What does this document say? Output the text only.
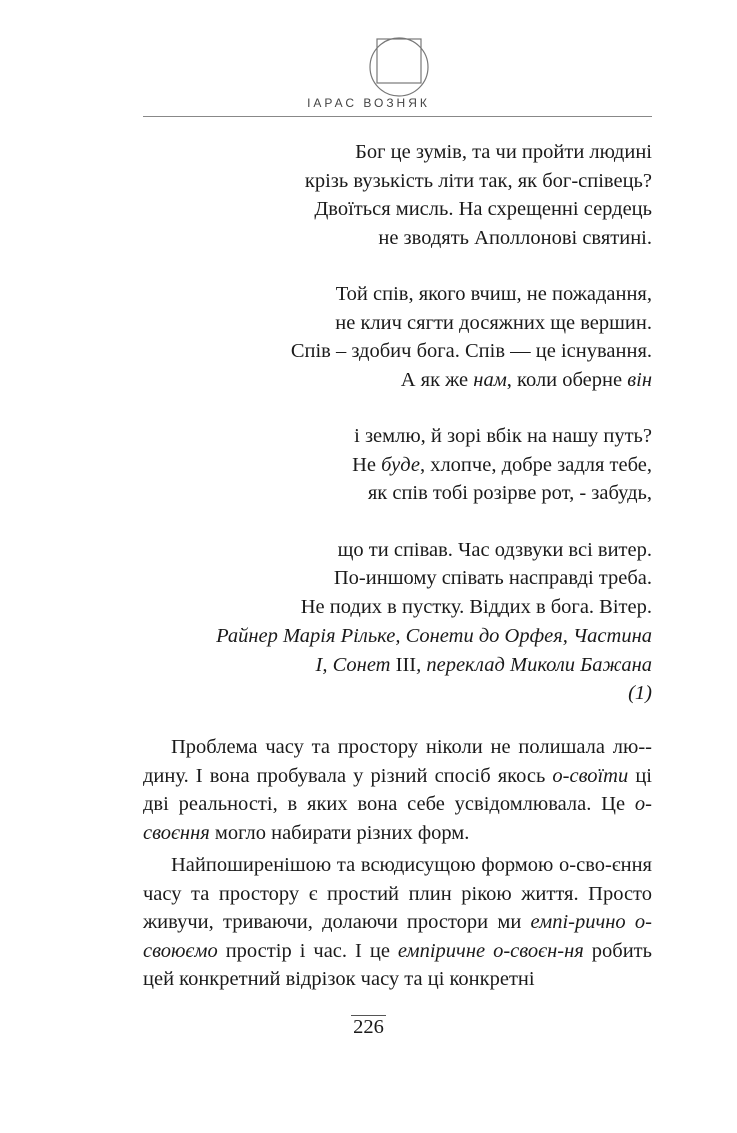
ІАРАС ВОЗНЯК
Бог це зумів, та чи пройти людині
крізь вузькість літи так, як бог-співець?
Двоїться мисль. На схрещенні сердець
не зводять Аполлонові святині.
Той спів, якого вчиш, не пожадання,
не клич сягти досяжних ще вершин.
Спів – здобич бога. Спів — це існування.
А як же нам, коли оберне він
і землю, й зорі вбік на нашу путь?
Не буде, хлопче, добре задля тебе,
як спів тобі розірве рот, - забудь,
що ти співав. Час одзвуки всі витер.
По-иншому співать насправді треба.
Не подих в пустку. Віддих в бога. Вітер.
Райнер Марія Рільке, Сонети до Орфея, Частина
I, Сонет III, переклад Миколи Бажана
(1)

Проблема часу та простору ніколи не полишала лю-дину. І вона пробувала у різний спосіб якось о-своїти ці дві реальності, в яких вона себе усвідомлювала. Це о-своєння могло набирати різних форм.

Найпоширенішою та всюдисущою формою о-сво-єння часу та простору є простий плин рікою життя. Просто живучи, триваючи, долаючи простори ми емпі-рично о-своюємо простір і час. І це емпіричне о-своєн-ня робить цей конкретний відрізок часу та ці конкретні

226
